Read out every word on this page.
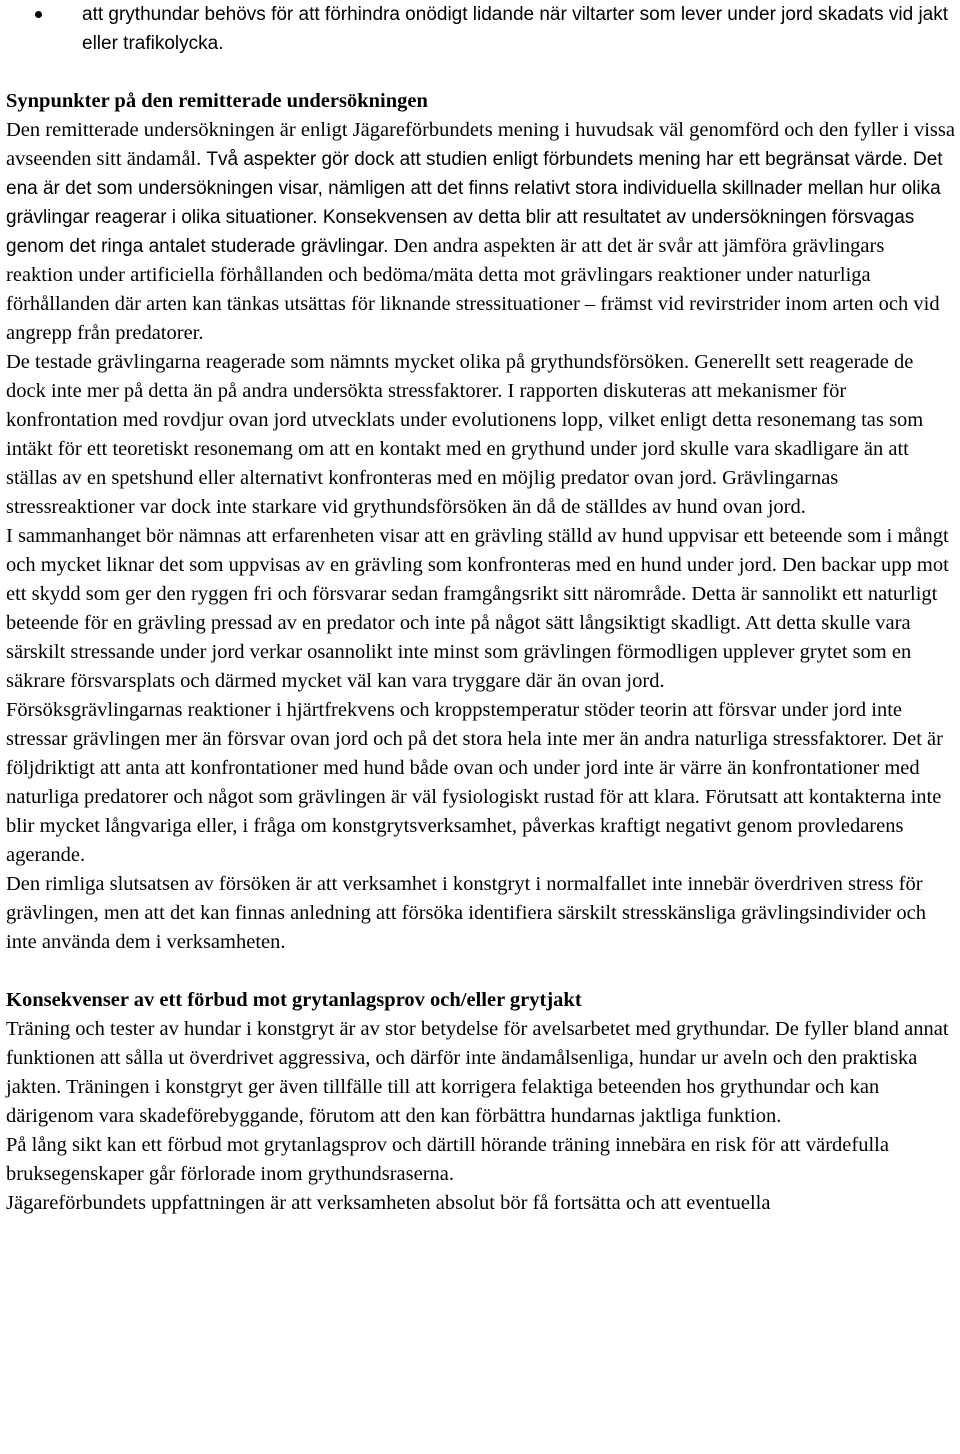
att grythundar behövs för att förhindra onödigt lidande när viltarter som lever under jord skadats vid jakt eller trafikolycka.

Synpunkter på den remitterade undersökningen

Den remitterade undersökningen är enligt Jägareförbundets mening i huvudsak väl genomförd och den fyller i vissa avseenden sitt ändamål. Två aspekter gör dock att studien enligt förbundets mening har ett begränsat värde. Det ena är det som undersökningen visar, nämligen att det finns relativt stora individuella skillnader mellan hur olika grävlingar reagerar i olika situationer. Konsekvensen av detta blir att resultatet av undersökningen försvagas genom det ringa antalet studerade grävlingar. Den andra aspekten är att det är svår att jämföra grävlingars reaktion under artificiella förhållanden och bedöma/mäta detta mot grävlingars reaktioner under naturliga förhållanden där arten kan tänkas utsättas för liknande stressituationer – främst vid revirstrider inom arten och vid angrepp från predatorer.

De testade grävlingarna reagerade som nämnts mycket olika på grythundsförsöken. Generellt sett reagerade de dock inte mer på detta än på andra undersökta stressfaktorer. I rapporten diskuteras att mekanismer för konfrontation med rovdjur ovan jord utvecklats under evolutionens lopp, vilket enligt detta resonemang tas som intäkt för ett teoretiskt resonemang om att en kontakt med en grythund under jord skulle vara skadligare än att ställas av en spetshund eller alternativt konfronteras med en möjlig predator ovan jord. Grävlingarnas stressreaktioner var dock inte starkare vid grythundsförsöken än då de ställdes av hund ovan jord.

I sammanhanget bör nämnas att erfarenheten visar att en grävling ställd av hund uppvisar ett beteende som i mångt och mycket liknar det som uppvisas av en grävling som konfronteras med en hund under jord. Den backar upp mot ett skydd som ger den ryggen fri och försvarar sedan framgångsrikt sitt närområde. Detta är sannolikt ett naturligt beteende för en grävling pressad av en predator och inte på något sätt långsiktigt skadligt. Att detta skulle vara särskilt stressande under jord verkar osannolikt inte minst som grävlingen förmodligen upplever grytet som en säkrare försvarsplats och därmed mycket väl kan vara tryggare där än ovan jord.

Försöksgrävlingarnas reaktioner i hjärtfrekvens och kroppstemperatur stöder teorin att försvar under jord inte stressar grävlingen mer än försvar ovan jord och på det stora hela inte mer än andra naturliga stressfaktorer. Det är följdriktigt att anta att konfrontationer med hund både ovan och under jord inte är värre än konfrontationer med naturliga predatorer och något som grävlingen är väl fysiologiskt rustad för att klara. Förutsatt att kontakterna inte blir mycket långvariga eller, i fråga om konstgrytsverksamhet, påverkas kraftigt negativt genom provledarens agerande.

Den rimliga slutsatsen av försöken är att verksamhet i konstgryt i normalfallet inte innebär överdriven stress för grävlingen, men att det kan finnas anledning att försöka identifiera särskilt stresskänsliga grävlingsindivider och inte använda dem i verksamheten.

Konsekvenser av ett förbud mot grytanlagsprov och/eller grytjakt

Träning och tester av hundar i konstgryt är av stor betydelse för avelsarbetet med grythundar. De fyller bland annat funktionen att sålla ut överdrivet aggressiva, och därför inte ändamålsenliga, hundar ur aveln och den praktiska jakten. Träningen i konstgryt ger även tillfälle till att korrigera felaktiga beteenden hos grythundar och kan därigenom vara skadeförebyggande, förutom att den kan förbättra hundarnas jaktliga funktion.

På lång sikt kan ett förbud mot grytanlagsprov och därtill hörande träning innebära en risk för att värdefulla bruksegenskaper går förlorade inom grythundsraserna.

Jägareförbundets uppfattningen är att verksamheten absolut bör få fortsätta och att eventuella
